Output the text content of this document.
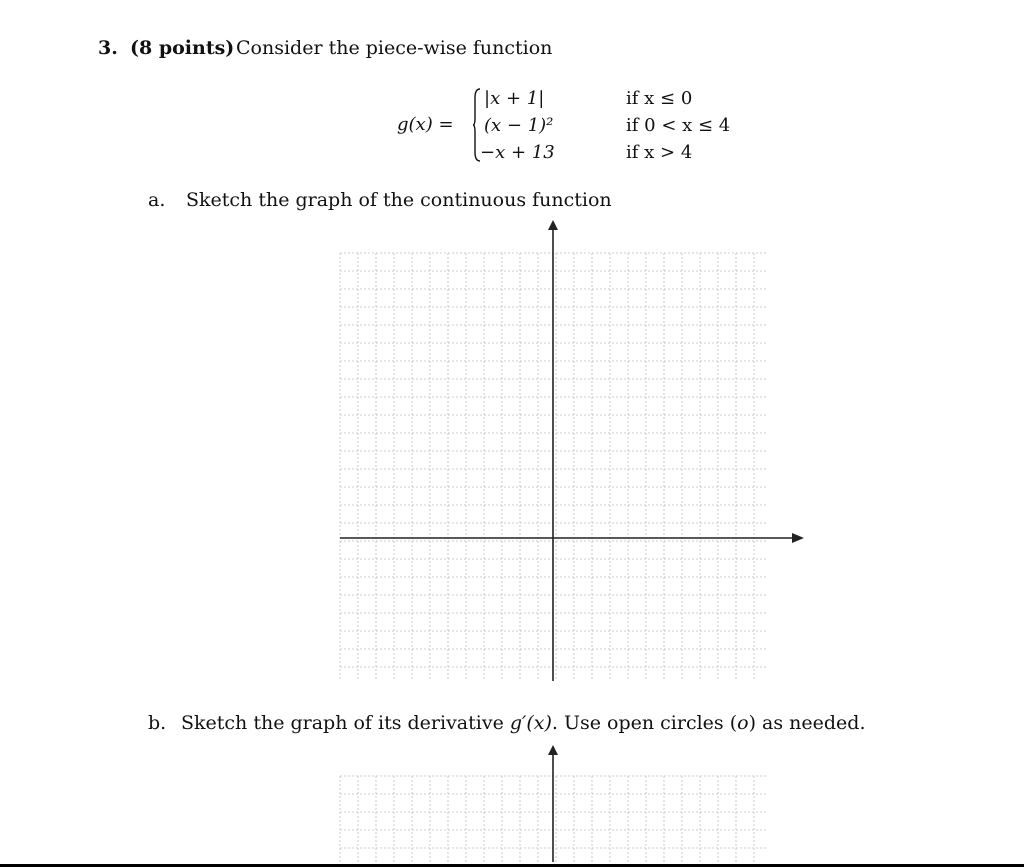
3. (8 points) Consider the piece-wise function
g(x) =
|x + 1|
(x − 1)²
−x + 13
if x ≤ 0
if 0 < x ≤ 4
if x > 4
a. Sketch the graph of the continuous function
b. Sketch the graph of its derivative g′(x). Use open circles (o) as needed.
